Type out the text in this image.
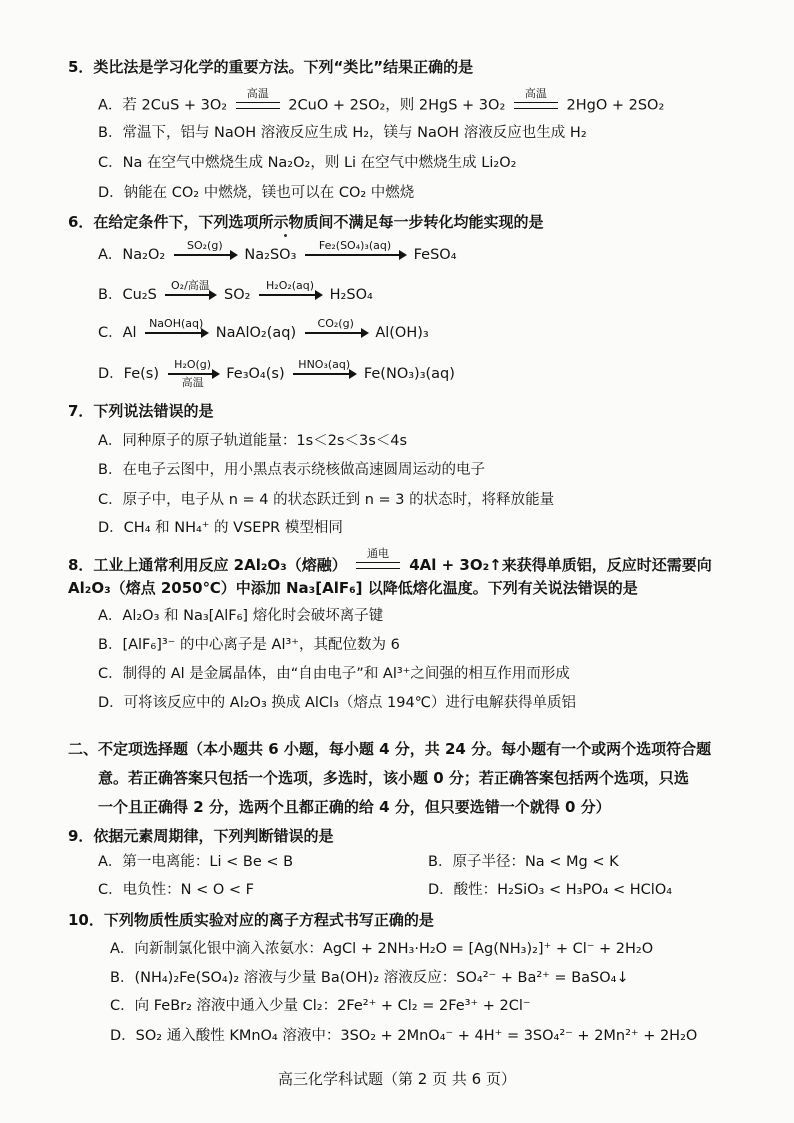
5．类比法是学习化学的重要方法。下列“类比”结果正确的是
A．若 2CuS + 3O₂
高温
2CuO + 2SO₂，则 2HgS + 3O₂
高温
2HgO + 2SO₂
B．常温下，铝与 NaOH 溶液反应生成 H₂，镁与 NaOH 溶液反应也生成 H₂
C．Na 在空气中燃烧生成 Na₂O₂，则 Li 在空气中燃烧生成 Li₂O₂
D．钠能在 CO₂ 中燃烧，镁也可以在 CO₂ 中燃烧
6．在给定条件下，下列选项所示物质间不满足每一步转化均能实现的是
A．Na₂O₂
SO₂(g)
Na₂SO₃
Fe₂(SO₄)₃(aq)
FeSO₄
B．Cu₂S
O₂/高温
SO₂
H₂O₂(aq)
H₂SO₄
C．Al
NaOH(aq)
NaAlO₂(aq)
CO₂(g)
Al(OH)₃
D．Fe(s)
H₂O(g)
高温
Fe₃O₄(s)
HNO₃(aq)
Fe(NO₃)₃(aq)
7．下列说法错误的是
A．同种原子的原子轨道能量：1s＜2s＜3s＜4s
B．在电子云图中，用小黑点表示绕核做高速圆周运动的电子
C．原子中，电子从 n = 4 的状态跃迁到 n = 3 的状态时，将释放能量
D．CH₄ 和 NH₄⁺ 的 VSEPR 模型相同
8．工业上通常利用反应 2Al₂O₃（熔融）
通电
4Al + 3O₂↑来获得单质铝，反应时还需要向
Al₂O₃（熔点 2050℃）中添加 Na₃[AlF₆] 以降低熔化温度。下列有关说法错误的是
A．Al₂O₃ 和 Na₃[AlF₆] 熔化时会破坏离子键
B．[AlF₆]³⁻ 的中心离子是 Al³⁺，其配位数为 6
C．制得的 Al 是金属晶体，由“自由电子”和 Al³⁺之间强的相互作用而形成
D．可将该反应中的 Al₂O₃ 换成 AlCl₃（熔点 194℃）进行电解获得单质铝
二、不定项选择题（本小题共 6 小题，每小题 4 分，共 24 分。每小题有一个或两个选项符合题
意。若正确答案只包括一个选项，多选时，该小题 0 分；若正确答案包括两个选项，只选
一个且正确得 2 分，选两个且都正确的给 4 分，但只要选错一个就得 0 分）
9．依据元素周期律，下列判断错误的是
A．第一电离能：Li < Be < B	B．原子半径：Na < Mg < K
C．电负性：N < O < F	D．酸性：H₂SiO₃ < H₃PO₄ < HClO₄
10．下列物质性质实验对应的离子方程式书写正确的是
A．向新制氯化银中滴入浓氨水：AgCl + 2NH₃·H₂O = [Ag(NH₃)₂]⁺ + Cl⁻ + 2H₂O
B．(NH₄)₂Fe(SO₄)₂ 溶液与少量 Ba(OH)₂ 溶液反应：SO₄²⁻ + Ba²⁺ = BaSO₄↓
C．向 FeBr₂ 溶液中通入少量 Cl₂：2Fe²⁺ + Cl₂ = 2Fe³⁺ + 2Cl⁻
D．SO₂ 通入酸性 KMnO₄ 溶液中：3SO₂ + 2MnO₄⁻ + 4H⁺ = 3SO₄²⁻ + 2Mn²⁺ + 2H₂O
高三化学科试题（第 2 页 共 6 页）
